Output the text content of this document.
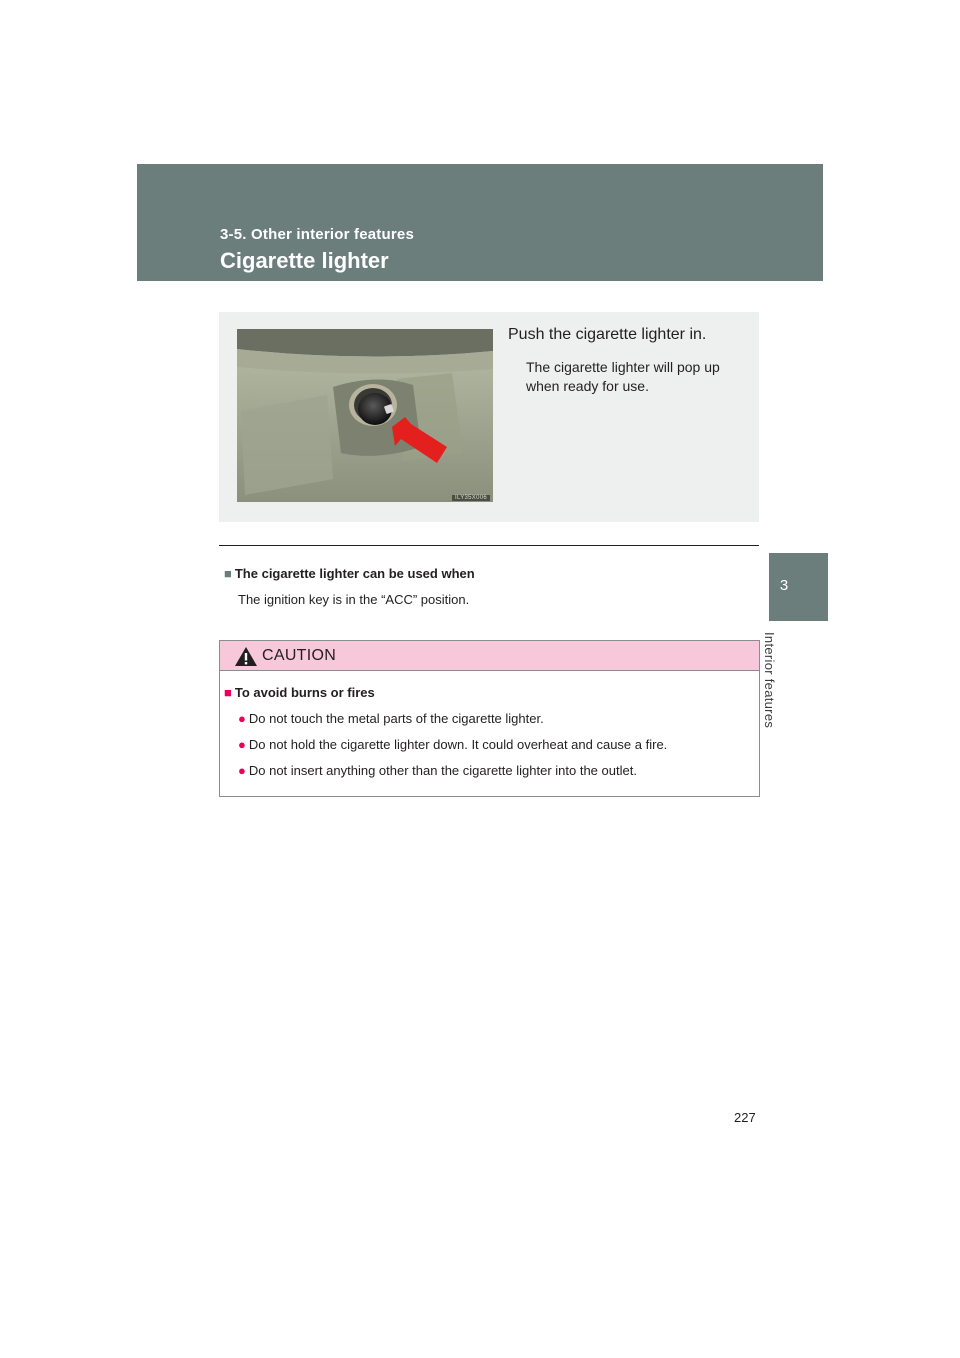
3-5. Other interior features
Cigarette lighter
3
Interior features
ILY35X006
Push the cigarette lighter in.
The cigarette lighter will pop up when ready for use.
■ The cigarette lighter can be used when
The ignition key is in the “ACC” position.
CAUTION
■ To avoid burns or fires
● Do not touch the metal parts of the cigarette lighter.
● Do not hold the cigarette lighter down. It could overheat and cause a fire.
● Do not insert anything other than the cigarette lighter into the outlet.
227
